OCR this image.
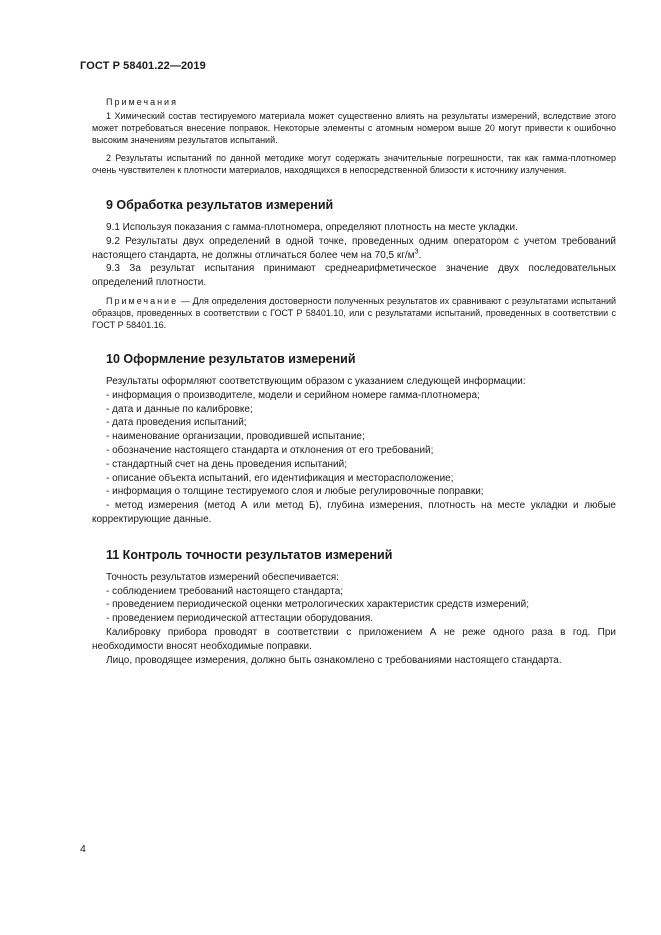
ГОСТ Р 58401.22—2019
Примечания

1 Химический состав тестируемого материала может существенно влиять на результаты измерений, вследствие этого может потребоваться внесение поправок. Некоторые элементы с атомным номером выше 20 могут привести к ошибочно высоким значениям результатов испытаний.

2 Результаты испытаний по данной методике могут содержать значительные погрешности, так как гамма-плотномер очень чувствителен к плотности материалов, находящихся в непосредственной близости к источнику излучения.

9 Обработка результатов измерений

9.1 Используя показания с гамма-плотномера, определяют плотность на месте укладки.

9.2 Результаты двух определений в одной точке, проведенных одним оператором с учетом требований настоящего стандарта, не должны отличаться более чем на 70,5 $кг/м^3$.

9.3 За результат испытания принимают среднеарифметическое значение двух последовательных определений плотности.

Примечание — Для определения достоверности полученных результатов их сравнивают с результатами испытаний образцов, проведенных в соответствии с ГОСТ Р 58401.10, или с результатами испытаний, проведенных в соответствии с ГОСТ Р 58401.16.

10 Оформление результатов измерений

Результаты оформляют соответствующим образом с указанием следующей информации:

- информация о производителе, модели и серийном номере гамма-плотномера;

- дата и данные по калибровке;

- дата проведения испытаний;

- наименование организации, проводившей испытание;

- обозначение настоящего стандарта и отклонения от его требований;

- стандартный счет на день проведения испытаний;

- описание объекта испытаний, его идентификация и месторасположение;

- информация о толщине тестируемого слоя и любые регулировочные поправки;

- метод измерения (метод А или метод Б), глубина измерения, плотность на месте укладки и любые корректирующие данные.

11 Контроль точности результатов измерений

Точность результатов измерений обеспечивается:

- соблюдением требований настоящего стандарта;

- проведением периодической оценки метрологических характеристик средств измерений;

- проведением периодической аттестации оборудования.

Калибровку прибора проводят в соответствии с приложением А не реже одного раза в год. При необходимости вносят необходимые поправки.

Лицо, проводящее измерения, должно быть ознакомлено с требованиями настоящего стандарта.

4
